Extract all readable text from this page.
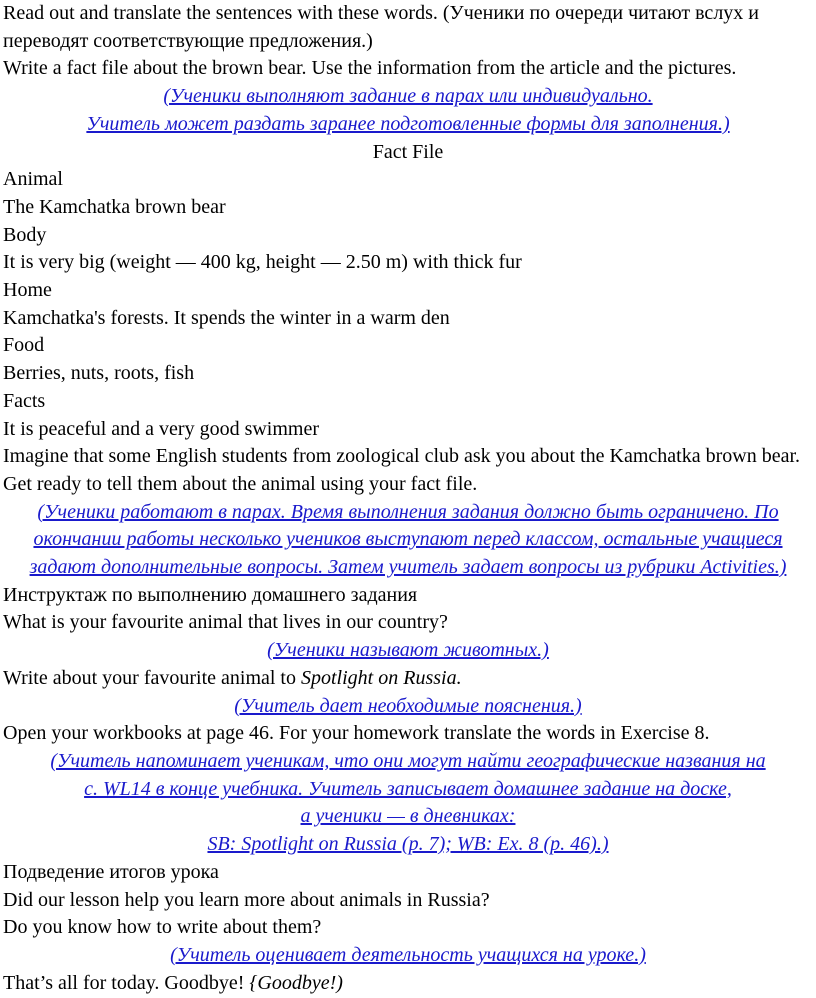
Read out and translate the sentences with these words. (Ученики по очереди читают вслух и переводят соответствующие предложения.)
Write a fact file about the brown bear. Use the information from the article and the pictures.
(Ученики выполняют задание в парах или индивидуально.
Учитель может раздать заранее подготовленные формы для заполнения.)
Fact File
Animal
The Kamchatka brown bear
Body
It is very big (weight — 400 kg, height — 2.50 m) with thick fur
Home
Kamchatka's forests. It spends the winter in a warm den
Food
Berries, nuts, roots, fish
Facts
It is peaceful and a very good swimmer
Imagine that some English students from zoological club ask you about the Kamchatka brown bear. Get ready to tell them about the animal using your fact file.
(Ученики работают в парах. Время выполнения задания должно быть ограничено. По окончании работы несколько учеников выступают перед классом, остальные учащиеся задают дополнительные вопросы. Затем учитель задает вопросы из рубрики Activities.)
Инструктаж по выполнению домашнего задания
What is your favourite animal that lives in our country?
(Ученики называют животных.)
Write about your favourite animal to Spotlight on Russia.
(Учитель дает необходимые пояснения.)
Open your workbooks at page 46. For your homework translate the words in Exercise 8.
(Учитель напоминает ученикам, что они могут найти географические названия на
с. WL14 в конце учебника. Учитель записывает домашнее задание на доске,
а ученики — в дневниках:
SB: Spotlight on Russia (p. 7); WB: Ex. 8 (p. 46).)
Подведение итогов урока
Did our lesson help you learn more about animals in Russia?
Do you know how to write about them?
(Учитель оценивает деятельность учащихся на уроке.)
That’s all for today. Goodbye! {Goodbye!)
